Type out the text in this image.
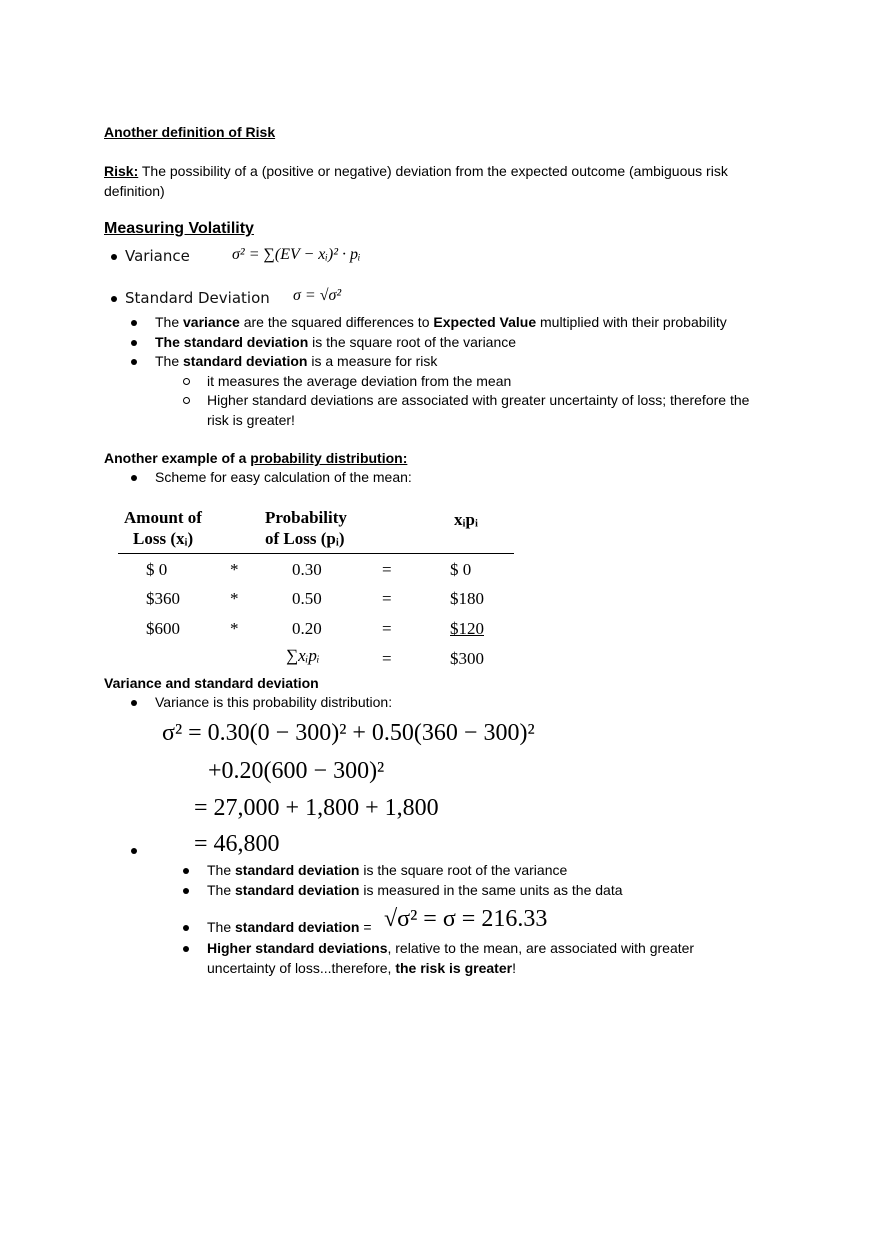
Another definition of Risk
Risk: The possibility of a (positive or negative) deviation from the expected outcome (ambiguous risk
definition)
Measuring Volatility
Variance	σ² = ∑(EV − xᵢ)² · pᵢ
Standard Deviation σ = √σ²
The variance are the squared differences to Expected Value multiplied with their probability
The standard deviation is the square root of the variance
The standard deviation is a measure for risk
it measures the average deviation from the mean
Higher standard deviations are associated with greater uncertainty of loss; therefore the
risk is greater!
Another example of a probability distribution:
Scheme for easy calculation of the mean:
Amount of
Loss (xᵢ)
Probability
of Loss (pᵢ)
xᵢpᵢ
$ 0	*	0.30	=	$ 0
$360	*	0.50	=	$180
$600	*	0.20	=	$120
∑xᵢpᵢ	=	$300
Variance and standard deviation
Variance is this probability distribution:
σ² = 0.30(0 − 300)² + 0.50(360 − 300)²
+0.20(600 − 300)²
= 27,000 + 1,800 + 1,800
= 46,800
The standard deviation is the square root of the variance
The standard deviation is measured in the same units as the data
The standard deviation = √σ² = σ = 216.33
Higher standard deviations, relative to the mean, are associated with greater
uncertainty of loss...therefore, the risk is greater!
